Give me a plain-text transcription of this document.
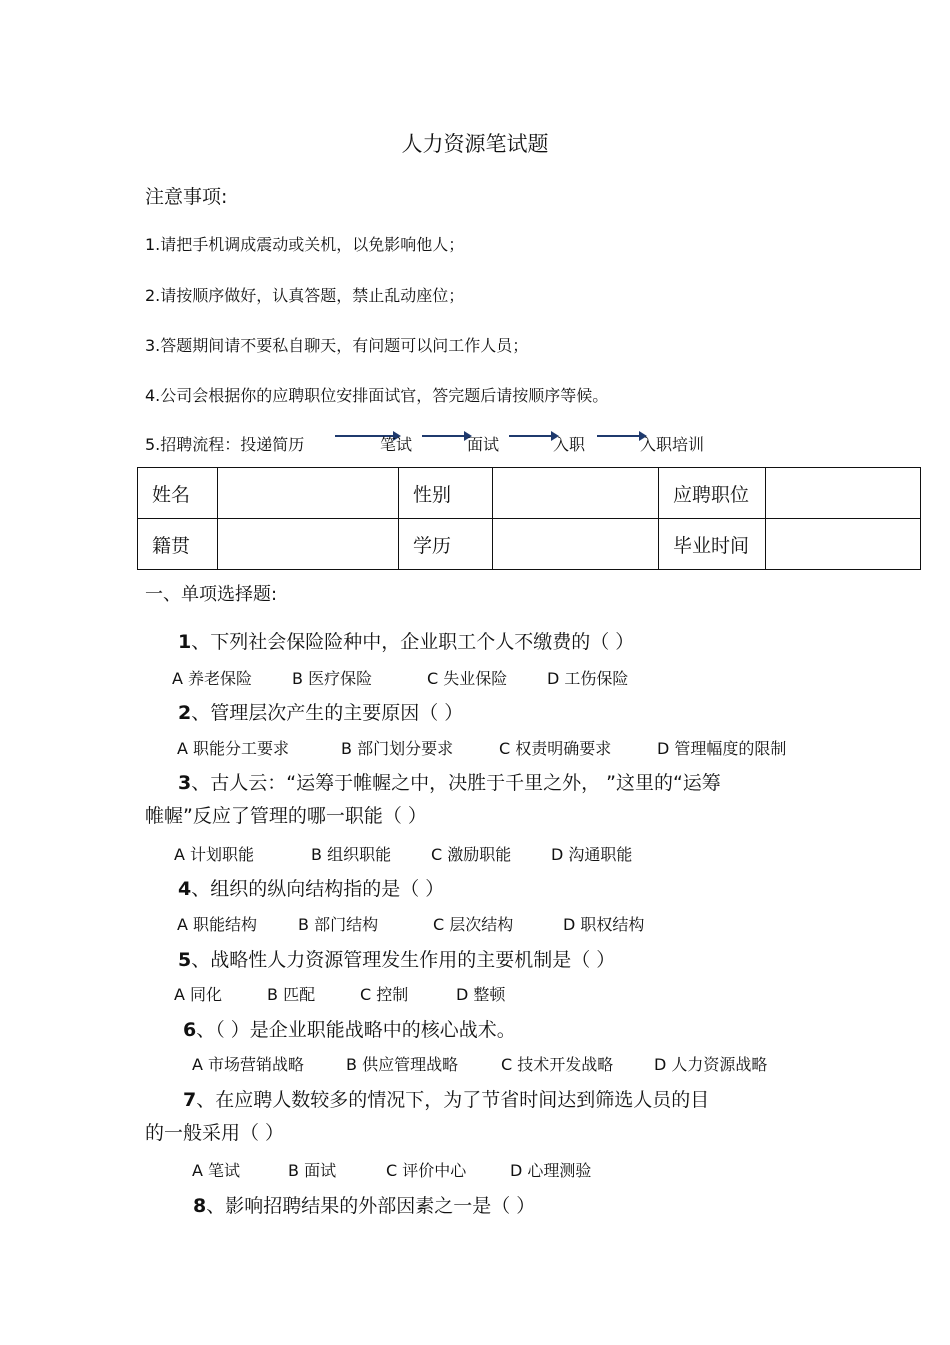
人力资源笔试题
注意事项:
1.请把手机调成震动或关机，以免影响他人；
2.请按顺序做好，认真答题，禁止乱动座位；
3.答题期间请不要私自聊天，有问题可以问工作人员；
4.公司会根据你的应聘职位安排面试官，答完题后请按顺序等候。
5.招聘流程：投递简历	笔试	面试	入职	入职培训
姓名		性别		应聘职位	
籍贯		学历		毕业时间	
一、单项选择题:
1、下列社会保险险种中，企业职工个人不缴费的（ ）
A 养老保险 B 医疗保险	C 失业保险 D 工伤保险
2、管理层次产生的主要原因（ ）
A 职能分工要求	B 部门划分要求	C 权责明确要求	D 管理幅度的限制
3、古人云：“运筹于帷幄之中，决胜于千里之外， ”这里的“运筹
帷幄”反应了管理的哪一职能（ ）
A 计划职能	B 组织职能 C 激励职能 D 沟通职能
4、组织的纵向结构指的是（ ）
A 职能结构	B 部门结构	C 层次结构	D 职权结构
5、战略性人力资源管理发生作用的主要机制是（ ）
A 同化	B 匹配	C 控制	D 整顿
6、（ ）是企业职能战略中的核心战术。
A 市场营销战略	B 供应管理战略	C 技术开发战略	D 人力资源战略
7、在应聘人数较多的情况下，为了节省时间达到筛选人员的目
的一般采用（ ）
A 笔试	B 面试	C 评价中心	D 心理测验
8、影响招聘结果的外部因素之一是（ ）
